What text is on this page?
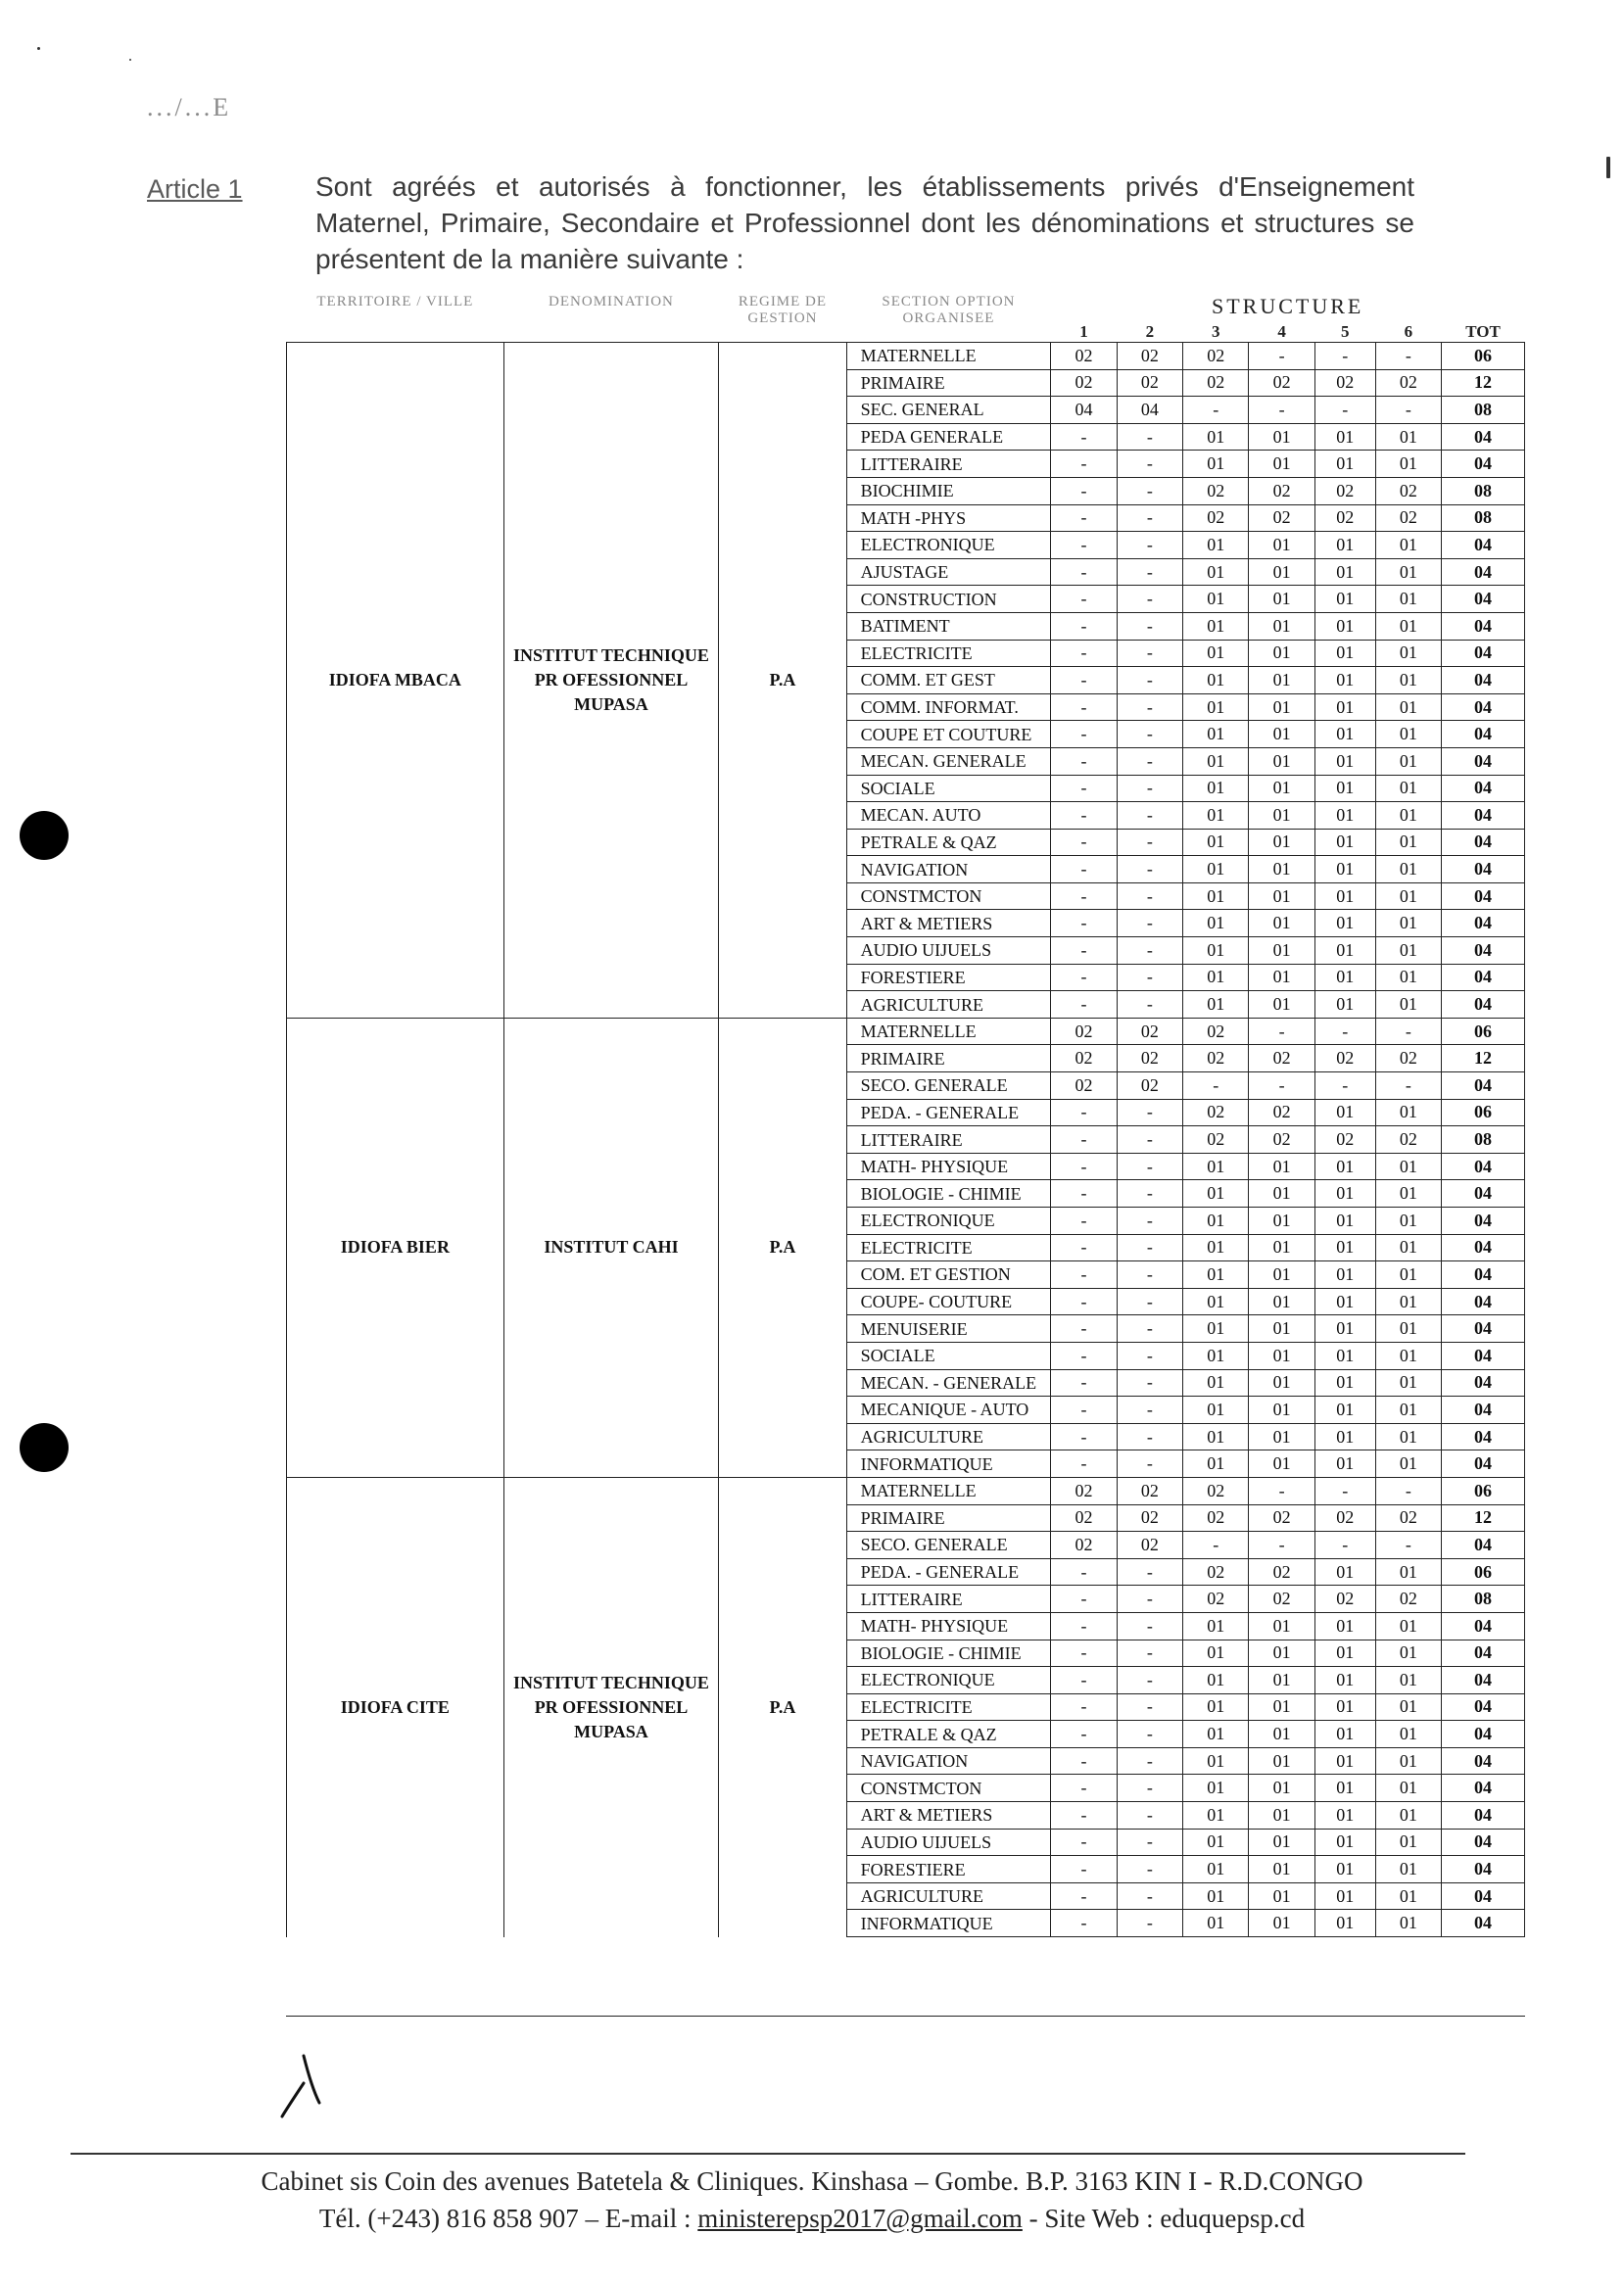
.../...E
Article 1	Sont agréés et autorisés à fonctionner, les établissements privés d'Enseignement Maternel, Primaire, Secondaire et Professionnel dont les dénominations et structures se présentent de la manière suivante :
TERRITOIRE / VILLE	DENOMINATION	REGIME DE GESTION	SECTION OPTION ORGANISEE	STRUCTURE						
				1	2	3	4	5	6	TOT
IDIOFA MBACA	INSTITUT TECHNIQUE PR OFESSIONNEL MUPASA	P.A	MATERNELLE	02	02	02	-	-	-	06
			PRIMAIRE	02	02	02	02	02	02	12
			SEC. GENERAL	04	04	-	-	-	-	08
			PEDA GENERALE	-	-	01	01	01	01	04
			LITTERAIRE	-	-	01	01	01	01	04
			BIOCHIMIE	-	-	02	02	02	02	08
			MATH -PHYS	-	-	02	02	02	02	08
			ELECTRONIQUE	-	-	01	01	01	01	04
			AJUSTAGE	-	-	01	01	01	01	04
			CONSTRUCTION	-	-	01	01	01	01	04
			BATIMENT	-	-	01	01	01	01	04
			ELECTRICITE	-	-	01	01	01	01	04
			COMM. ET GEST	-	-	01	01	01	01	04
			COMM. INFORMAT.	-	-	01	01	01	01	04
			COUPE ET COUTURE	-	-	01	01	01	01	04
			MECAN. GENERALE	-	-	01	01	01	01	04
			SOCIALE	-	-	01	01	01	01	04
			MECAN. AUTO	-	-	01	01	01	01	04
			PETRALE & QAZ	-	-	01	01	01	01	04
			NAVIGATION	-	-	01	01	01	01	04
			CONSTMCTON	-	-	01	01	01	01	04
			ART & METIERS	-	-	01	01	01	01	04
			AUDIO UIJUELS	-	-	01	01	01	01	04
			FORESTIERE	-	-	01	01	01	01	04
			AGRICULTURE	-	-	01	01	01	01	04
IDIOFA BIER	INSTITUT CAHI	P.A	MATERNELLE	02	02	02	-	-	-	06
			PRIMAIRE	02	02	02	02	02	02	12
			SECO. GENERALE	02	02	-	-	-	-	04
			PEDA. - GENERALE	-	-	02	02	01	01	06
			LITTERAIRE	-	-	02	02	02	02	08
			MATH- PHYSIQUE	-	-	01	01	01	01	04
			BIOLOGIE - CHIMIE	-	-	01	01	01	01	04
			ELECTRONIQUE	-	-	01	01	01	01	04
			ELECTRICITE	-	-	01	01	01	01	04
			COM. ET GESTION	-	-	01	01	01	01	04
			COUPE- COUTURE	-	-	01	01	01	01	04
			MENUISERIE	-	-	01	01	01	01	04
			SOCIALE	-	-	01	01	01	01	04
			MECAN. - GENERALE	-	-	01	01	01	01	04
			MECANIQUE - AUTO	-	-	01	01	01	01	04
			AGRICULTURE	-	-	01	01	01	01	04
			INFORMATIQUE	-	-	01	01	01	01	04
IDIOFA CITE	INSTITUT TECHNIQUE PR OFESSIONNEL MUPASA	P.A	MATERNELLE	02	02	02	-	-	-	06
			PRIMAIRE	02	02	02	02	02	02	12
			SECO. GENERALE	02	02	-	-	-	-	04
			PEDA. - GENERALE	-	-	02	02	01	01	06
			LITTERAIRE	-	-	02	02	02	02	08
			MATH- PHYSIQUE	-	-	01	01	01	01	04
			BIOLOGIE - CHIMIE	-	-	01	01	01	01	04
			ELECTRONIQUE	-	-	01	01	01	01	04
			ELECTRICITE	-	-	01	01	01	01	04
			PETRALE & QAZ	-	-	01	01	01	01	04
			NAVIGATION	-	-	01	01	01	01	04
			CONSTMCTON	-	-	01	01	01	01	04
			ART & METIERS	-	-	01	01	01	01	04
			AUDIO UIJUELS	-	-	01	01	01	01	04
			FORESTIERE	-	-	01	01	01	01	04
			AGRICULTURE	-	-	01	01	01	01	04
			INFORMATIQUE	-	-	01	01	01	01	04
Cabinet sis Coin des avenues Batetela & Cliniques. Kinshasa – Gombe. B.P. 3163 KIN I - R.D.CONGO
Tél. (+243) 816 858 907 – E-mail : ministerepsp2017@gmail.com - Site Web : eduquepsp.cd
